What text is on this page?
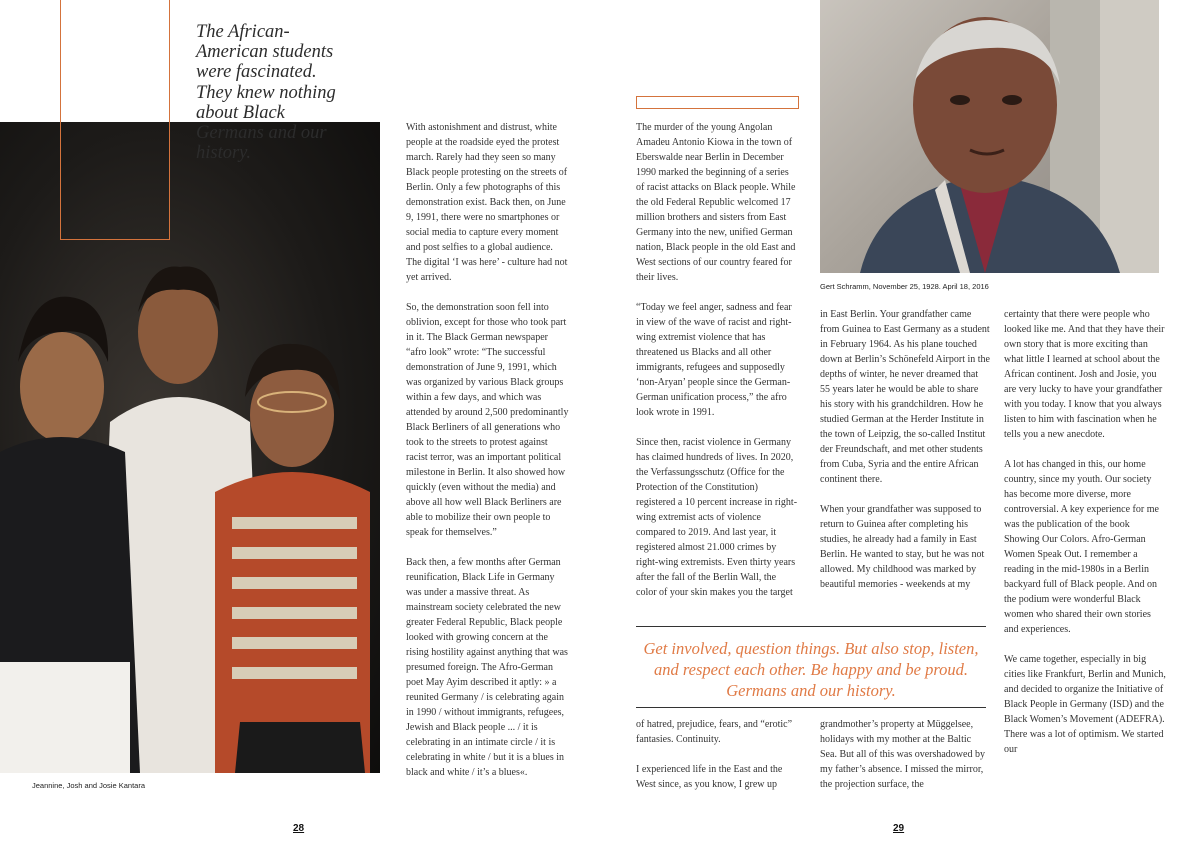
The African-American students were fascinated. They knew nothing about Black Germans and our history.
Jeannine, Josh and Josie Kantara

With astonishment and distrust, white people at the roadside eyed the protest march. Rarely had they seen so many Black people protesting on the streets of Berlin. Only a few photographs of this demonstration exist. Back then, on June 9, 1991, there were no smartphones or social media to capture every moment and post selfies to a global audience. The digital ‘I was here’ - culture had not yet arrived.

So, the demonstration soon fell into oblivion, except for those who took part in it. The Black German newspaper “afro look” wrote: “The successful demonstration of June 9, 1991, which was organized by various Black groups within a few days, and which was attended by around 2,500 predominantly Black Berliners of all generations who took to the streets to protest against racist terror, was an important political milestone in Berlin. It also showed how quickly (even without the media) and above all how well Black Berliners are able to mobilize their own people to speak for themselves.”

Back then, a few months after German reunification, Black Life in Germany was under a massive threat. As mainstream society celebrated the new greater Federal Republic, Black people looked with growing concern at the rising hostility against anything that was presumed foreign. The Afro-German poet May Ayim described it aptly: » a reunited Germany / is celebrating again in 1990 / without immigrants, refugees, Jewish and Black people ... / it is celebrating in an intimate circle / it is celebrating in white / but it is a blues in black and white / it’s a blues«.

28

The murder of the young Angolan Amadeu Antonio Kiowa in the town of Eberswalde near Berlin in December 1990 marked the beginning of a series of racist attacks on Black people. While the old Federal Republic welcomed 17 million brothers and sisters from East Germany into the new, unified German nation, Black people in the old East and West sections of our country feared for their lives.

“Today we feel anger, sadness and fear in view of the wave of racist and right-wing extremist violence that has threatened us Blacks and all other immigrants, refugees and supposedly ‘non-Aryan’ people since the German-German unification process,” the afro look wrote in 1991.

Since then, racist violence in Germany has claimed hundreds of lives. In 2020, the Verfassungsschutz (Office for the Protection of the Constitution) registered a 10 percent increase in right-wing extremist acts of violence compared to 2019. And last year, it registered almost 21.000 crimes by right-wing extremists. Even thirty years after the fall of the Berlin Wall, the color of your skin makes you the target

Gert Schramm, November 25, 1928. April 18, 2016

in East Berlin. Your grandfather came from Guinea to East Germany as a student in February 1964. As his plane touched down at Berlin’s Schönefeld Airport in the depths of winter, he never dreamed that 55 years later he would be able to share his story with his grandchildren. How he studied German at the Herder Institute in the town of Leipzig, the so-called Institut der Freundschaft, and met other students from Cuba, Syria and the entire African continent there.

When your grandfather was supposed to return to Guinea after completing his studies, he already had a family in East Berlin. He wanted to stay, but he was not allowed. My childhood was marked by beautiful memories - weekends at my

certainty that there were people who looked like me. And that they have their own story that is more exciting than what little I learned at school about the African continent. Josh and Josie, you are very lucky to have your grandfather with you today. I know that you always listen to him with fascination when he tells you a new anecdote.

A lot has changed in this, our home country, since my youth. Our society has become more diverse, more controversial. A key experience for me was the publication of the book Showing Our Colors. Afro-German Women Speak Out. I remember a reading in the mid-1980s in a Berlin backyard full of Black people. And on the podium were wonderful Black women who shared their own stories and experiences.

We came together, especially in big cities like Frankfurt, Berlin and Munich, and decided to organize the Initiative of Black People in Germany (ISD) and the Black Women’s Movement (ADEFRA). There was a lot of optimism. We started our

Get involved, question things. But also stop, listen, and respect each other. Be happy and be proud. Germans and our history.

of hatred, prejudice, fears, and “erotic” fantasies. Continuity.

I experienced life in the East and the West since, as you know, I grew up

grandmother’s property at Müggelsee, holidays with my mother at the Baltic Sea. But all of this was overshadowed by my father’s absence. I missed the mirror, the projection surface, the

29
